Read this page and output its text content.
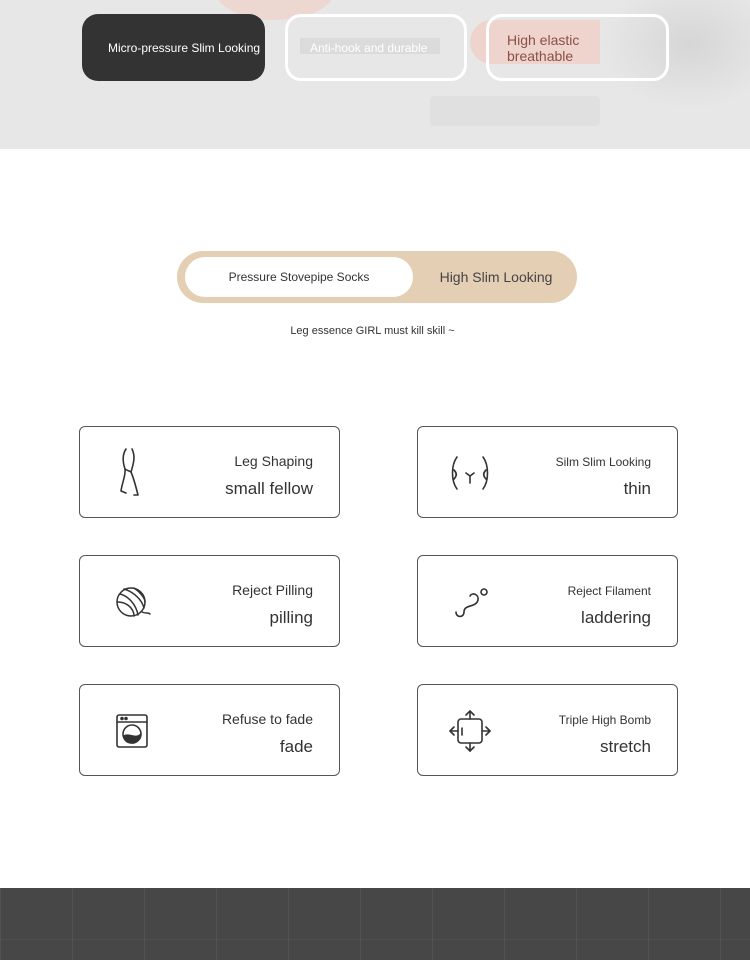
Micro-pressure Slim Looking	Anti-hook and durable	High elastic breathable
Pressure Stovepipe Socks	High Slim Looking
Leg essence GIRL must kill skill ~
Leg Shaping
small fellow
Silm Slim Looking
thin
Reject Pilling
pilling
Reject Filament
laddering
Refuse to fade
fade
Triple High Bomb
stretch
